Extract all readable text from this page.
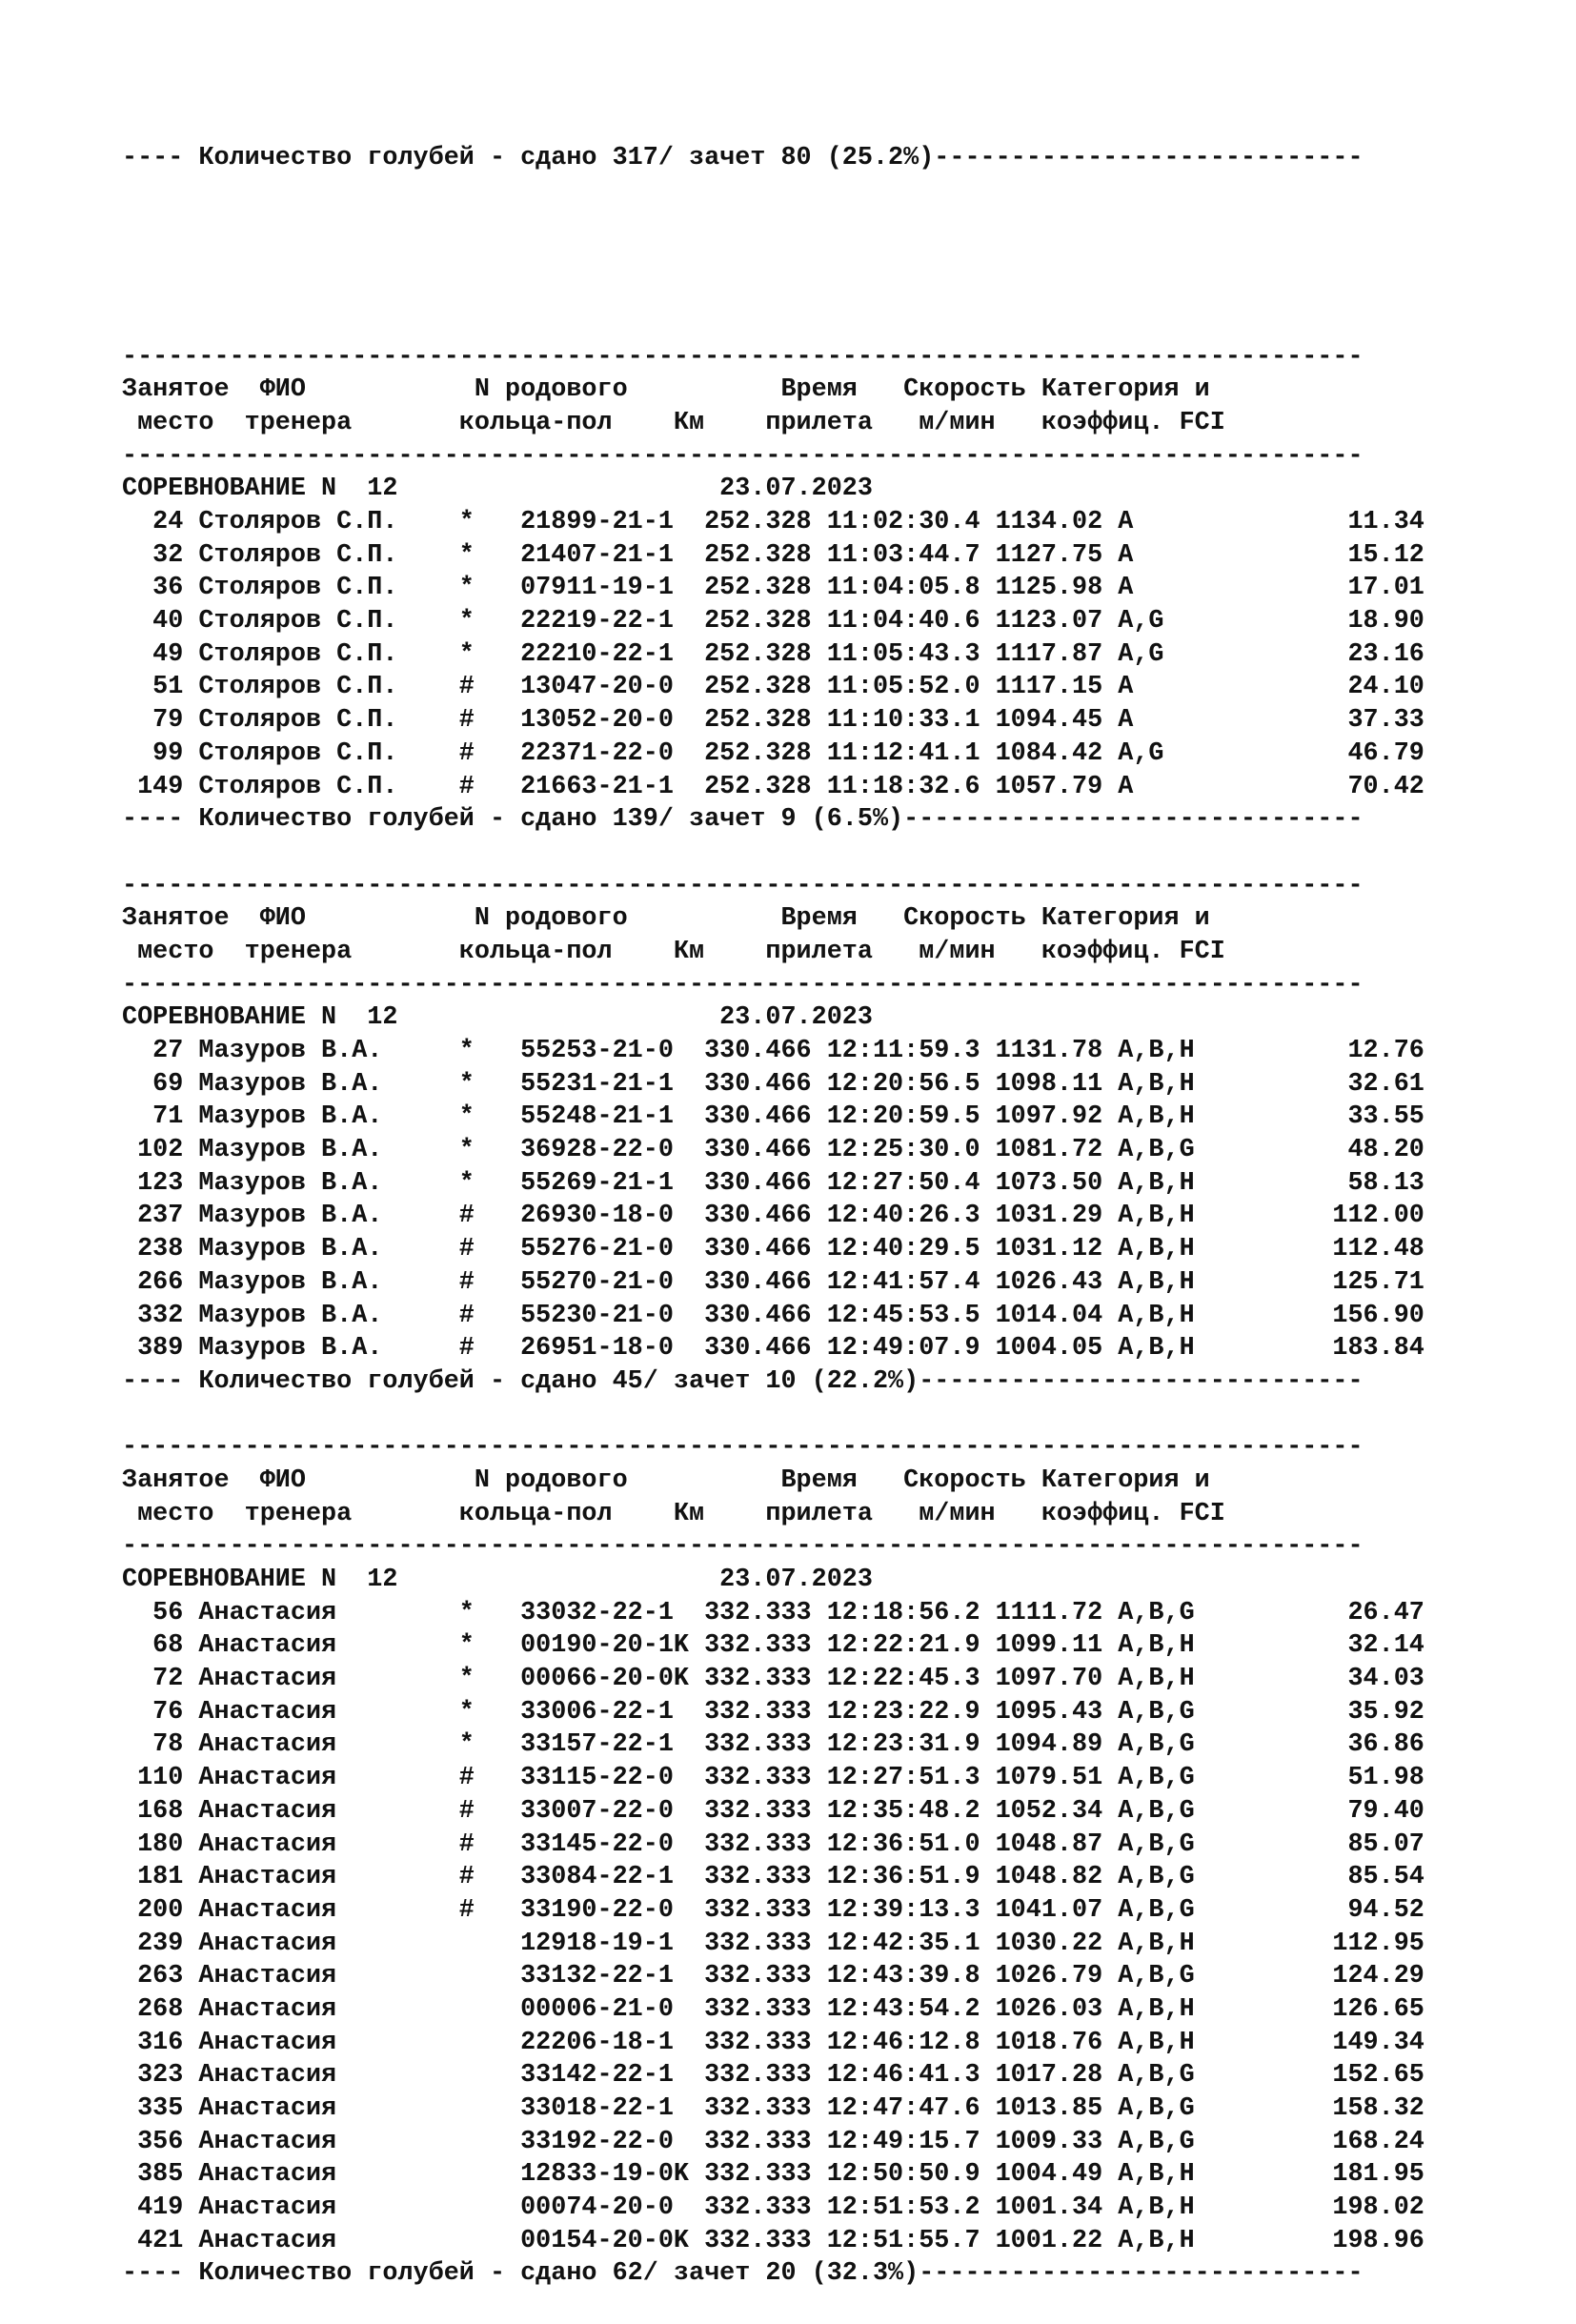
---- Количество голубей - сдано 317/ зачет 80 (25.2%)----------------------------

---------------------------------------------------------------------------------
Занятое  ФИО           N родового          Время   Скорость Категория и
место  тренера       кольца-пол    Км    прилета   м/мин   коэффиц. FCI
---------------------------------------------------------------------------------
СОРЕВНОВАНИЕ N  12                     23.07.2023
24 Столяров С.П.    *   21899-21-1  252.328 11:02:30.4 1134.02 A              11.34
32 Столяров С.П.    *   21407-21-1  252.328 11:03:44.7 1127.75 A              15.12
36 Столяров С.П.    *   07911-19-1  252.328 11:04:05.8 1125.98 A              17.01
40 Столяров С.П.    *   22219-22-1  252.328 11:04:40.6 1123.07 A,G            18.90
49 Столяров С.П.    *   22210-22-1  252.328 11:05:43.3 1117.87 A,G            23.16
51 Столяров С.П.    #   13047-20-0  252.328 11:05:52.0 1117.15 A              24.10
79 Столяров С.П.    #   13052-20-0  252.328 11:10:33.1 1094.45 A              37.33
99 Столяров С.П.    #   22371-22-0  252.328 11:12:41.1 1084.42 A,G            46.79
149 Столяров С.П.    #   21663-21-1  252.328 11:18:32.6 1057.79 A              70.42
---- Количество голубей - сдано 139/ зачет 9 (6.5%)------------------------------
---------------------------------------------------------------------------------
Занятое  ФИО           N родового          Время   Скорость Категория и
место  тренера       кольца-пол    Км    прилета   м/мин   коэффиц. FCI
---------------------------------------------------------------------------------
СОРЕВНОВАНИЕ N  12                     23.07.2023
27 Мазуров В.А.     *   55253-21-0  330.466 12:11:59.3 1131.78 A,B,H          12.76
69 Мазуров В.А.     *   55231-21-1  330.466 12:20:56.5 1098.11 A,B,H          32.61
71 Мазуров В.А.     *   55248-21-1  330.466 12:20:59.5 1097.92 A,B,H          33.55
102 Мазуров В.А.     *   36928-22-0  330.466 12:25:30.0 1081.72 A,B,G          48.20
123 Мазуров В.А.     *   55269-21-1  330.466 12:27:50.4 1073.50 A,B,H          58.13
237 Мазуров В.А.     #   26930-18-0  330.466 12:40:26.3 1031.29 A,B,H         112.00
238 Мазуров В.А.     #   55276-21-0  330.466 12:40:29.5 1031.12 A,B,H         112.48
266 Мазуров В.А.     #   55270-21-0  330.466 12:41:57.4 1026.43 A,B,H         125.71
332 Мазуров В.А.     #   55230-21-0  330.466 12:45:53.5 1014.04 A,B,H         156.90
389 Мазуров В.А.     #   26951-18-0  330.466 12:49:07.9 1004.05 A,B,H         183.84
---- Количество голубей - сдано 45/ зачет 10 (22.2%)-----------------------------
---------------------------------------------------------------------------------
Занятое  ФИО           N родового          Время   Скорость Категория и
место  тренера       кольца-пол    Км    прилета   м/мин   коэффиц. FCI
---------------------------------------------------------------------------------
СОРЕВНОВАНИЕ N  12                     23.07.2023
56 Анастасия        *   33032-22-1  332.333 12:18:56.2 1111.72 A,B,G          26.47
68 Анастасия        *   00190-20-1K 332.333 12:22:21.9 1099.11 A,B,H          32.14
72 Анастасия        *   00066-20-0K 332.333 12:22:45.3 1097.70 A,B,H          34.03
76 Анастасия        *   33006-22-1  332.333 12:23:22.9 1095.43 A,B,G          35.92
78 Анастасия        *   33157-22-1  332.333 12:23:31.9 1094.89 A,B,G          36.86
110 Анастасия        #   33115-22-0  332.333 12:27:51.3 1079.51 A,B,G          51.98
168 Анастасия        #   33007-22-0  332.333 12:35:48.2 1052.34 A,B,G          79.40
180 Анастасия        #   33145-22-0  332.333 12:36:51.0 1048.87 A,B,G          85.07
181 Анастасия        #   33084-22-1  332.333 12:36:51.9 1048.82 A,B,G          85.54
200 Анастасия        #   33190-22-0  332.333 12:39:13.3 1041.07 A,B,G          94.52
239 Анастасия            12918-19-1  332.333 12:42:35.1 1030.22 A,B,H         112.95
263 Анастасия            33132-22-1  332.333 12:43:39.8 1026.79 A,B,G         124.29
268 Анастасия            00006-21-0  332.333 12:43:54.2 1026.03 A,B,H         126.65
316 Анастасия            22206-18-1  332.333 12:46:12.8 1018.76 A,B,H         149.34
323 Анастасия            33142-22-1  332.333 12:46:41.3 1017.28 A,B,G         152.65
335 Анастасия            33018-22-1  332.333 12:47:47.6 1013.85 A,B,G         158.32
356 Анастасия            33192-22-0  332.333 12:49:15.7 1009.33 A,B,G         168.24
385 Анастасия            12833-19-0K 332.333 12:50:50.9 1004.49 A,B,H         181.95
419 Анастасия            00074-20-0  332.333 12:51:53.2 1001.34 A,B,H         198.02
421 Анастасия            00154-20-0K 332.333 12:51:55.7 1001.22 A,B,H         198.96
---- Количество голубей - сдано 62/ зачет 20 (32.3%)-----------------------------
